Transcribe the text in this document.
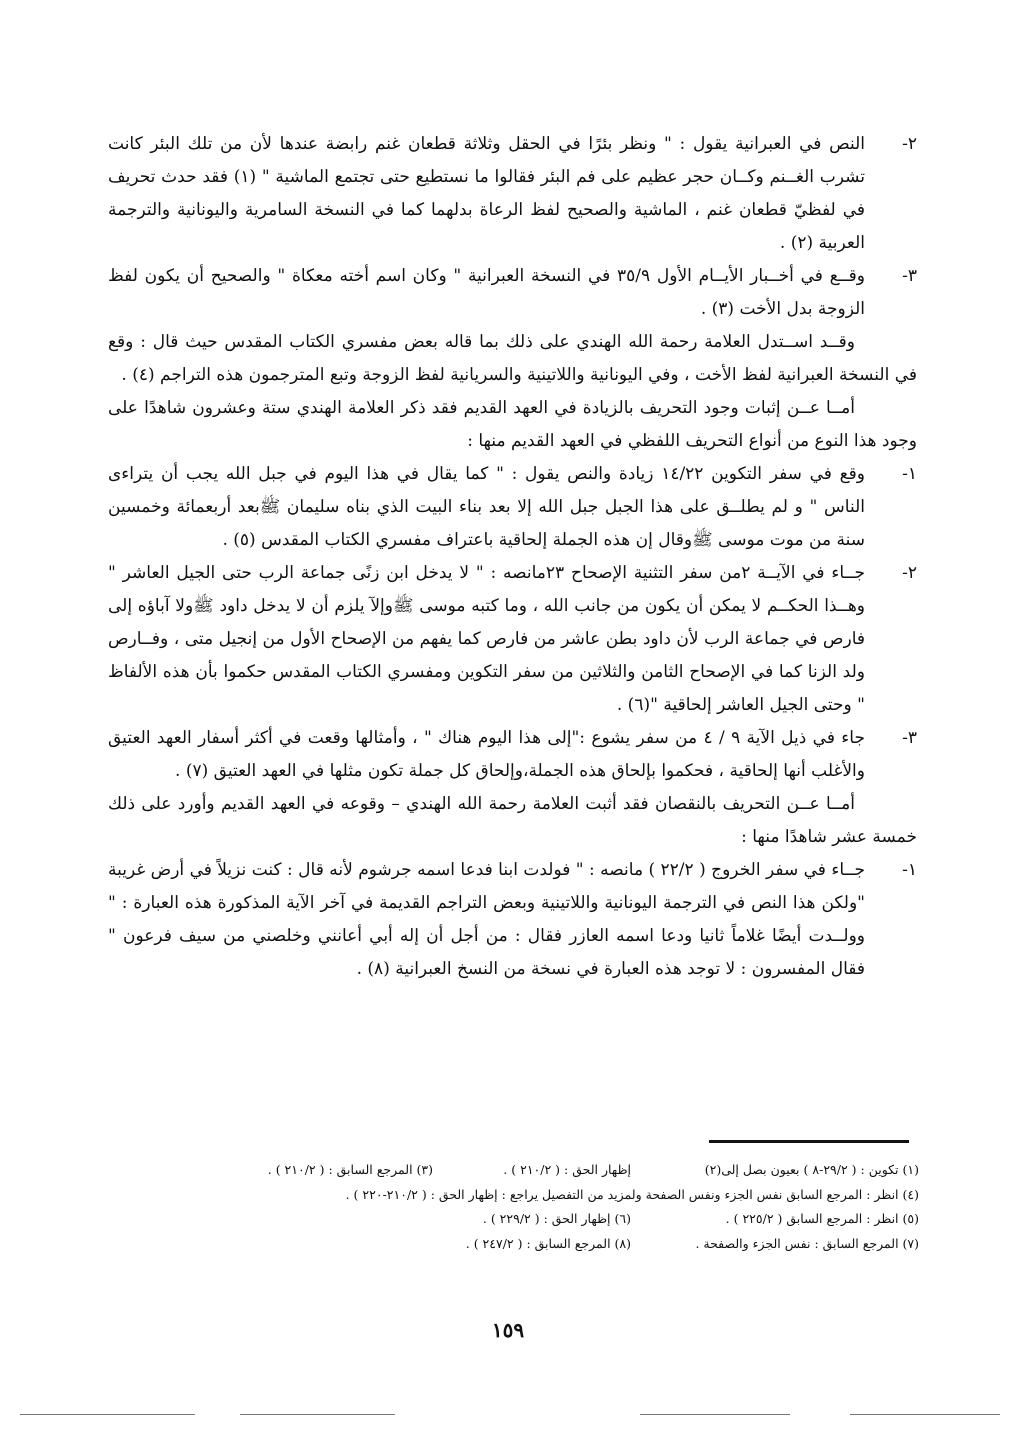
٢-
النص في العبرانية يقول : " ونظر بئرًا في الحقل وثلاثة قطعان غنم رابضة عندها لأن من تلك البئر كانت تشرب الغــنم وكــان حجر عظيم على فم البئر فقالوا ما نستطيع حتى تجتمع الماشية " (١) فقد حدث تحريف في لفظيّ قطعان غنم ، الماشية والصحيح لفظ الرعاة بدلهما كما في النسخة السامرية واليونانية والترجمة العربية (٢) .

٣-
وقــع في أخــبار الأيــام الأول ٣٥/٩ في النسخة العبرانية " وكان اسم أخته معكاة " والصحيح أن يكون لفظ الزوجة بدل الأخت (٣) .

وقــد اســتدل العلامة رحمة الله الهندي على ذلك بما قاله بعض مفسري الكتاب المقدس حيث قال : وقع في النسخة العبرانية لفظ الأخت ، وفي اليونانية واللاتينية والسريانية لفظ الزوجة وتبع المترجمون هذه التراجم (٤) .

أمــا عــن إثبات وجود التحريف بالزيادة في العهد القديم فقد ذكر العلامة الهندي ستة وعشرون شاهدًا على وجود هذا النوع من أنواع التحريف اللفظي في العهد القديم منها :

١-
وقع في سفر التكوين ١٤/٢٢ زيادة والنص يقول : " كما يقال في هذا اليوم في جبل الله يجب أن يتراءى الناس " و لم يطلــق على هذا الجبل جبل الله إلا بعد بناء البيت الذي بناه سليمان ﷺبعد أربعمائة وخمسين سنة من موت موسى ﷺوقال إن هذه الجملة إلحاقية باعتراف مفسري الكتاب المقدس (٥) .

٢-
جــاء في الآيــة ٢من سفر التثنية الإصحاح ٢٣مانصه : " لا يدخل ابن زنًى جماعة الرب حتى الجيل العاشر " وهــذا الحكــم لا يمكن أن يكون من جانب الله ، وما كتبه موسى ﷺوإلآ يلزم أن لا يدخل داود ﷺولا آباؤه إلى فارص في جماعة الرب لأن داود بطن عاشر من فارص كما يفهم من الإصحاح الأول من إنجيل متى ، وفــارص ولد الزنا كما في الإصحاح الثامن والثلاثين من سفر التكوين ومفسري الكتاب المقدس حكموا بأن هذه الألفاظ " وحتى الجيل العاشر إلحاقية "(٦) .

٣-
جاء في ذيل الآية ٩ / ٤ من سفر يشوع :"إلى هذا اليوم هناك " ، وأمثالها وقعت في أكثر أسفار العهد العتيق والأغلب أنها إلحاقية ، فحكموا بإلحاق هذه الجملة،وإلحاق كل جملة تكون مثلها في العهد العتيق (٧) .

أمــا عــن التحريف بالنقصان فقد أثبت العلامة رحمة الله الهندي – وقوعه في العهد القديم وأورد على ذلك خمسة عشر شاهدًا منها :

١-
جــاء في سفر الخروج ( ٢٢/٢ ) مانصه : " فولدت ابنا فدعا اسمه جرشوم لأنه قال : كنت نزيلاً في أرض غريبة "ولكن هذا النص في الترجمة اليونانية واللاتينية وبعض التراجم القديمة في آخر الآية المذكورة هذه العبارة : " وولــدت أيضًا غلاماً ثانيا ودعا اسمه العازر فقال : من أجل أن إله أبي أعانني وخلصني من سيف فرعون " فقال المفسرون : لا توجد هذه العبارة في نسخة من النسخ العبرانية (٨) .

(١) تكوين : ( ٢٩/٢-٨ ) بعيون بصل إلى(٢)
إظهار الحق : ( ٢١٠/٢ ) .
(٣) المرجع السابق : ( ٢١٠/٢ ) .
(٤) انظر : المرجع السابق نفس الجزء ونفس الصفحة ولمزيد من التفصيل يراجع : إظهار الحق : ( ٢١٠/٢-٢٢٠ ) .
(٥) انظر : المرجع السابق ( ٢٢٥/٢ ) .
(٦) إظهار الحق : ( ٢٢٩/٢ ) .
(٧) المرجع السابق : نفس الجزء والصفحة .
(٨) المرجع السابق : ( ٢٤٧/٢ ) .
١٥٩
